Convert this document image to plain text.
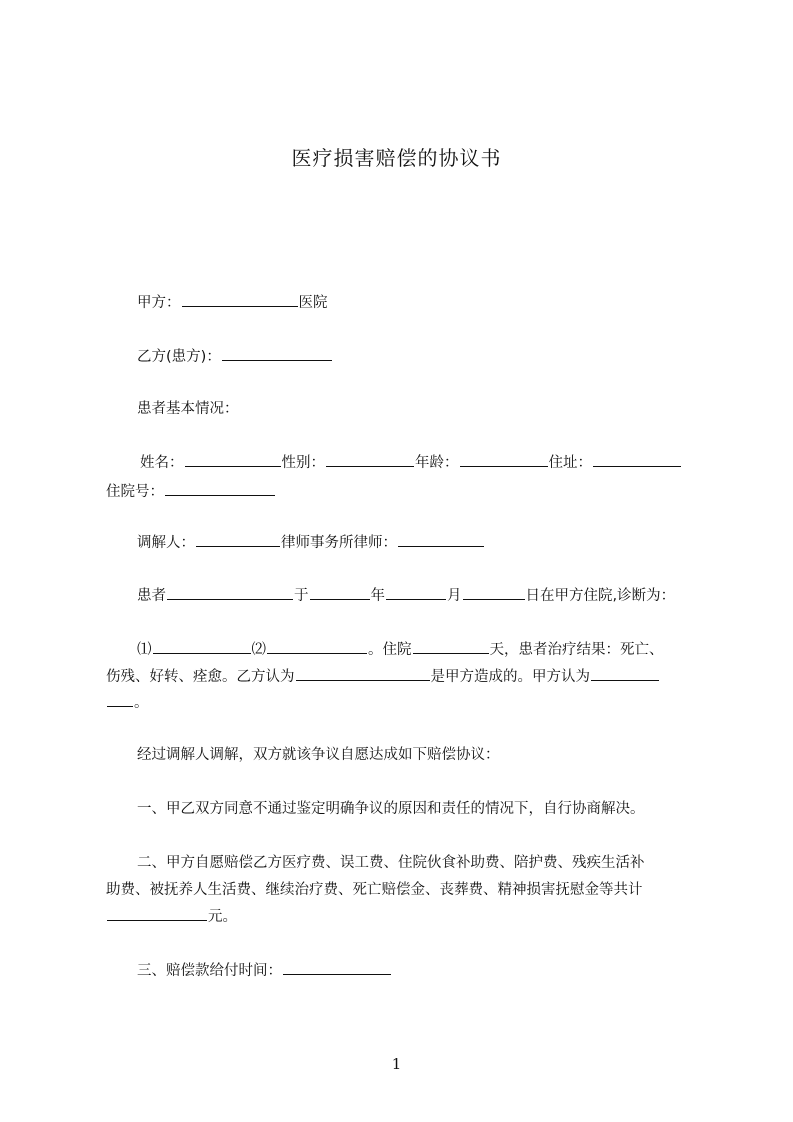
医疗损害赔偿的协议书
甲方：	医院
乙方(患方)：
患者基本情况：
姓名：	性别：	年龄：	住址：
住院号：
调解人：	律师事务所律师：
患者	于	年	月	日在甲方住院,诊断为：
⑴	⑵	。住院	天，患者治疗结果：死亡、
伤残、好转、痊愈。乙方认为	是甲方造成的。甲方认为
。
经过调解人调解，双方就该争议自愿达成如下赔偿协议：
一、甲乙双方同意不通过鉴定明确争议的原因和责任的情况下，自行协商解决。
二、甲方自愿赔偿乙方医疗费、误工费、住院伙食补助费、陪护费、残疾生活补
助费、被抚养人生活费、继续治疗费、死亡赔偿金、丧葬费、精神损害抚慰金等共计
元。
三、赔偿款给付时间：
1
